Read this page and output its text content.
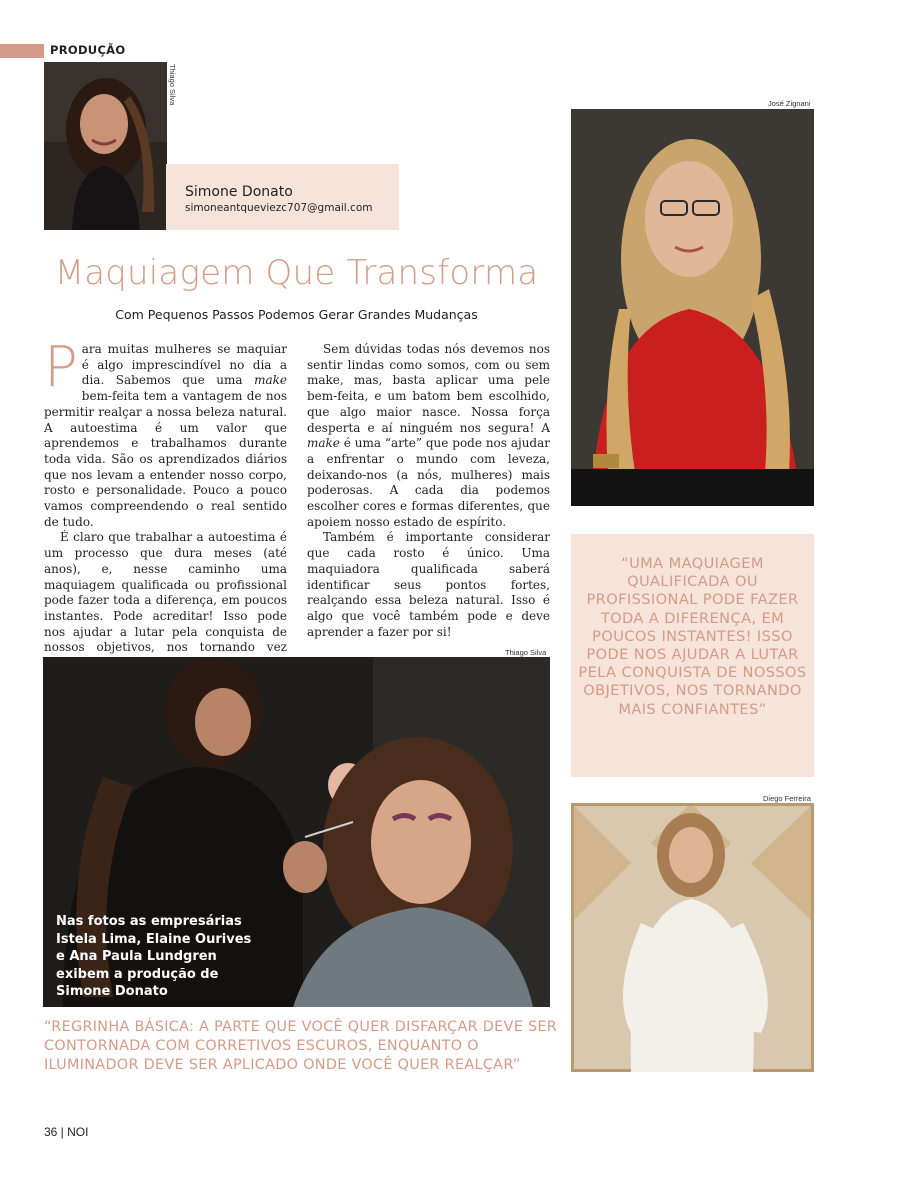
PRODUÇÃO
Thiago Silva
Simone Donato
simoneantqueviezc707@gmail.com
Maquiagem Que Transforma
Com Pequenos Passos Podemos Gerar Grandes Mudanças

Para muitas mulheres se maquiar é algo imprescindível no dia a dia. Sabemos que uma make bem-feita tem a vantagem de nos permitir realçar a nossa beleza natural. A autoestima é um valor que aprendemos e trabalhamos durante toda vida. São os aprendizados diários que nos levam a entender nosso corpo, rosto e personalidade. Pouco a pouco vamos compreendendo o real sentido de tudo.

É claro que trabalhar a autoestima é um processo que dura meses (até anos), e, nesse caminho uma maquiagem qualificada ou profissional pode fazer toda a diferença, em poucos instantes. Pode acreditar! Isso pode nos ajudar a lutar pela conquista de nossos objetivos, nos tornando vez

Sem dúvidas todas nós devemos nos sentir lindas como somos, com ou sem make, mas, basta aplicar uma pele bem-feita, e um batom bem escolhido, que algo maior nasce. Nossa força desperta e aí ninguém nos segura! A make é uma “arte” que pode nos ajudar a enfrentar o mundo com leveza, deixando-nos (a nós, mulheres) mais poderosas. A cada dia podemos escolher cores e formas diferentes, que apoiem nosso estado de espírito.

Também é importante considerar que cada rosto é único. Uma maquiadora qualificada saberá identificar seus pontos fortes, realçando essa beleza natural. Isso é algo que você também pode e deve aprender a fazer por si!

José Zignani
“UMA MAQUIAGEM QUALIFICADA OU PROFISSIONAL PODE FAZER TODA A DIFERENÇA, EM POUCOS INSTANTES! ISSO PODE NOS AJUDAR A LUTAR PELA CONQUISTA DE NOSSOS OBJETIVOS, NOS TORNANDO MAIS CONFIANTES”
Thiago Silva
Nas fotos as empresárias Istela Lima, Elaine Ourives e Ana Paula Lundgren exibem a produção de Simone Donato
Diego Ferreira
“REGRINHA BÁSICA: A PARTE QUE VOCÊ QUER DISFARÇAR DEVE SER CONTORNADA COM CORRETIVOS ESCUROS, ENQUANTO O ILUMINADOR DEVE SER APLICADO ONDE VOCÊ QUER REALÇAR”
36 | NOI
